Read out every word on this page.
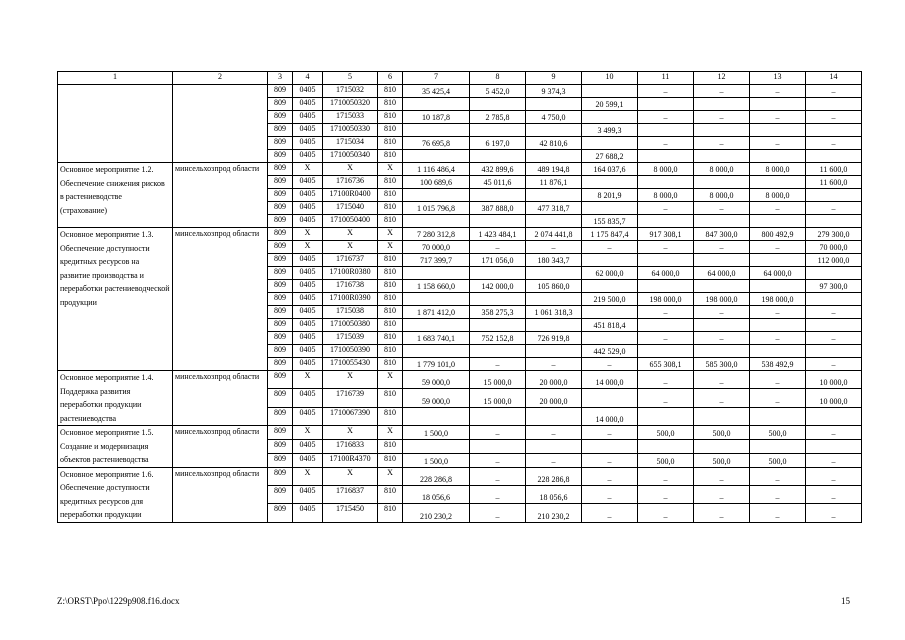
1	2	3	4	5	6	7	8	9	10	11	12	13	14
		809	0405	1715032	810	35 425,4	5 452,0	9 374,3		–	–	–	–
		809	0405	1710050320	810				20 599,1				
		809	0405	1715033	810	10 187,8	2 785,8	4 750,0		–	–	–	–
		809	0405	1710050330	810				3 499,3				
		809	0405	1715034	810	76 695,8	6 197,0	42 810,6		–	–	–	–
		809	0405	1710050340	810				27 688,2				
Основное мероприятие 1.2. Обеспечение снижения рисков в растениеводстве (страхование)	минсельхозпрод области	809	X	X	X	1 116 486,4	432 899,6	489 194,8	164 037,6	8 000,0	8 000,0	8 000,0	11 600,0
		809	0405	1716736	810	100 689,6	45 011,6	11 876,1					11 600,0
		809	0405	17100R0400	810				8 201,9	8 000,0	8 000,0	8 000,0	
		809	0405	1715040	810	1 015 796,8	387 888,0	477 318,7		–	–	–	–
		809	0405	1710050400	810				155 835,7				
Основное мероприятие 1.3. Обеспечение доступности кредитных ресурсов на развитие производства и переработки растениеводческой продукции	минсельхозпрод области	809	X	X	X	7 280 312,8	1 423 484,1	2 074 441,8	1 175 847,4	917 308,1	847 300,0	800 492,9	279 300,0
		809	X	X	X	70 000,0	–	–	–	–	–	–	70 000,0
		809	0405	1716737	810	717 399,7	171 056,0	180 343,7					112 000,0
		809	0405	17100R0380	810				62 000,0	64 000,0	64 000,0	64 000,0	
		809	0405	1716738	810	1 158 660,0	142 000,0	105 860,0					97 300,0
		809	0405	17100R0390	810				219 500,0	198 000,0	198 000,0	198 000,0	
		809	0405	1715038	810	1 871 412,0	358 275,3	1 061 318,3		–	–	–	–
		809	0405	1710050380	810				451 818,4				
		809	0405	1715039	810	1 683 740,1	752 152,8	726 919,8		–	–	–	–
		809	0405	1710050390	810				442 529,0				
		809	0405	1710055430	810	1 779 101,0	–	–	–	655 308,1	585 300,0	538 492,9	–
Основное мероприятие 1.4. Поддержка развития переработки продукции растениеводства	минсельхозпрод области	809	X	X	X	59 000,0	15 000,0	20 000,0	14 000,0	–	–	–	10 000,0
		809	0405	1716739	810	59 000,0	15 000,0	20 000,0		–	–	–	10 000,0
		809	0405	1710067390	810				14 000,0				
Основное мероприятие 1.5. Создание и модернизация объектов растениеводства	минсельхозпрод области	809	X	X	X	1 500,0	–	–	–	500,0	500,0	500,0	–
		809	0405	1716833	810								
		809	0405	17100R4370	810	1 500,0	–	–	–	500,0	500,0	500,0	–
Основное мероприятие 1.6. Обеспечение доступности кредитных ресурсов для переработки продукции	минсельхозпрод области	809	X	X	X	228 286,8	–	228 286,8	–	–	–	–	–
		809	0405	1716837	810	18 056,6	–	18 056,6	–	–	–	–	–
		809	0405	1715450	810	210 230,2	–	210 230,2	–	–	–	–	–
Z:\ORST\Ppo\1229p908.f16.docx	15
